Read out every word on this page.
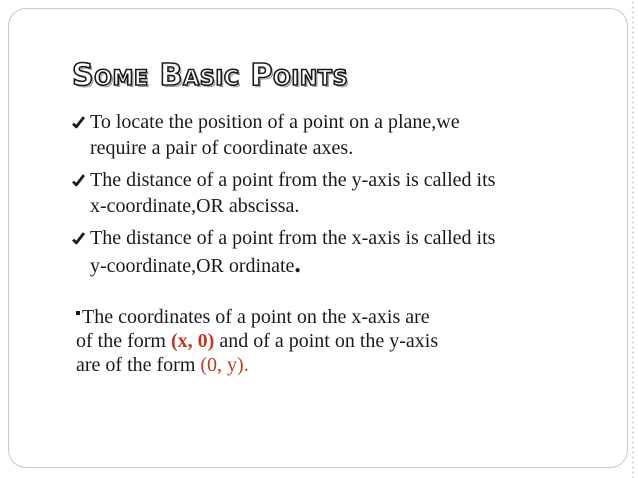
Some Basic Points
To locate the position of a point on a plane,we
require a pair of coordinate axes.
The distance of a point from the y-axis is called its
x-coordinate,OR abscissa.
The distance of a point from the x-axis is called its
y-coordinate,OR ordinate.
The coordinates of a point on the x-axis are
of the form (x, 0) and of a point on the y-axis
are of the form (0, y).
